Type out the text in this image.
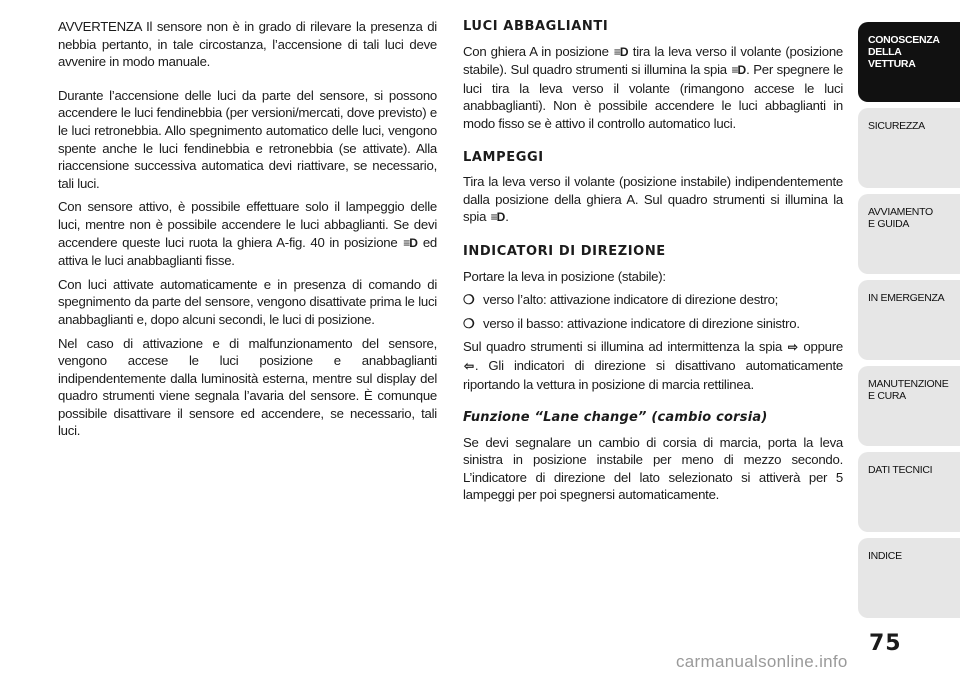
AVVERTENZA Il sensore non è in grado di rilevare la presenza di nebbia pertanto, in tale circostanza, l’accensione di tali luci deve avvenire in modo manuale.

Durante l’accensione delle luci da parte del sensore, si possono accendere le luci fendinebbia (per versioni/mercati, dove previsto) e le luci retronebbia. Allo spegnimento automatico delle luci, vengono spente anche le luci fendinebbia e retronebbia (se attivate). Alla riaccensione successiva automatica devi riattivare, se necessario, tali luci.

Con sensore attivo, è possibile effettuare solo il lampeggio delle luci, mentre non è possibile accendere le luci abbaglianti. Se devi accendere queste luci ruota la ghiera A-fig. 40 in posizione ≡D ed attiva le luci anabbaglianti fisse.

Con luci attivate automaticamente e in presenza di comando di spegnimento da parte del sensore, vengono disattivate prima le luci anabbaglianti e, dopo alcuni secondi, le luci di posizione.

Nel caso di attivazione e di malfunzionamento del sensore, vengono accese le luci posizione e anabbaglianti indipendentemente dalla luminosità esterna, mentre sul display del quadro strumenti viene segnala l’avaria del sensore. È comunque possibile disattivare il sensore ed accendere, se necessario, tali luci.

LUCI ABBAGLIANTI

Con ghiera A in posizione ≡D tira la leva verso il volante (posizione stabile). Sul quadro strumenti si illumina la spia ≡D. Per spegnere le luci tira la leva verso il volante (rimangono accese le luci anabbaglianti). Non è possibile accendere le luci abbaglianti in modo fisso se è attivo il controllo automatico luci.

LAMPEGGI

Tira la leva verso il volante (posizione instabile) indipendentemente dalla posizione della ghiera A. Sul quadro strumenti si illumina la spia ≡D.

INDICATORI DI DIREZIONE

Portare la leva in posizione (stabile):

❍ verso l’alto: attivazione indicatore di direzione destro;
❍ verso il basso: attivazione indicatore di direzione sinistro.

Sul quadro strumenti si illumina ad intermittenza la spia ⇨ oppure ⇦. Gli indicatori di direzione si disattivano automaticamente riportando la vettura in posizione di marcia rettilinea.

Funzione “Lane change” (cambio corsia)

Se devi segnalare un cambio di corsia di marcia, porta la leva sinistra in posizione instabile per meno di mezzo secondo. L’indicatore di direzione del lato selezionato si attiverà per 5 lampeggi per poi spegnersi automaticamente.

CONOSCENZA
DELLA
VETTURA
SICUREZZA
AVVIAMENTO
E GUIDA
IN EMERGENZA
MANUTENZIONE
E CURA
DATI TECNICI
INDICE
75
carmanualsonline.info
